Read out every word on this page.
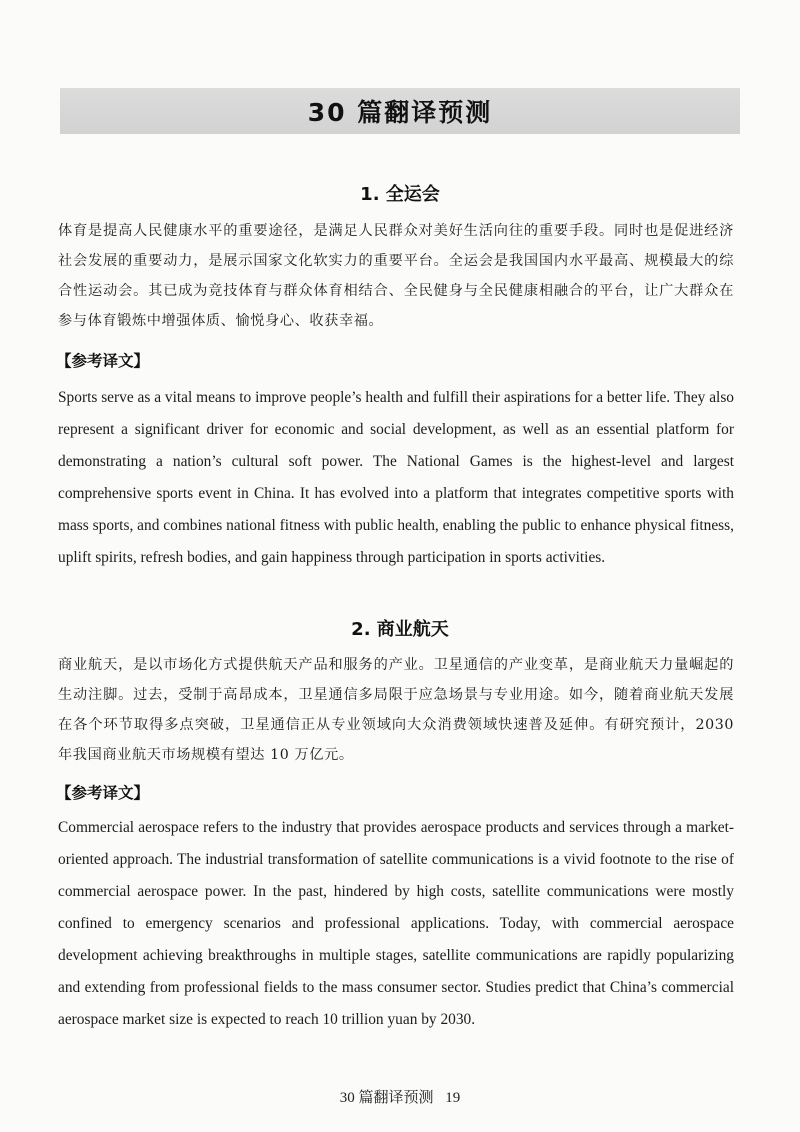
30 篇翻译预测
1. 全运会

体育是提高人民健康水平的重要途径，是满足人民群众对美好生活向往的重要手段。同时也是促进经济社会发展的重要动力，是展示国家文化软实力的重要平台。全运会是我国国内水平最高、规模最大的综合性运动会。其已成为竞技体育与群众体育相结合、全民健身与全民健康相融合的平台，让广大群众在参与体育锻炼中增强体质、愉悦身心、收获幸福。

【参考译文】

Sports serve as a vital means to improve people’s health and fulfill their aspirations for a better life. They also represent a significant driver for economic and social development, as well as an essential platform for demonstrating a nation’s cultural soft power. The National Games is the highest-level and largest comprehensive sports event in China. It has evolved into a platform that integrates competitive sports with mass sports, and combines national fitness with public health, enabling the public to enhance physical fitness, uplift spirits, refresh bodies, and gain happiness through participation in sports activities.

2. 商业航天

商业航天，是以市场化方式提供航天产品和服务的产业。卫星通信的产业变革，是商业航天力量崛起的生动注脚。过去，受制于高昂成本，卫星通信多局限于应急场景与专业用途。如今，随着商业航天发展在各个环节取得多点突破，卫星通信正从专业领域向大众消费领域快速普及延伸。有研究预计，2030 年我国商业航天市场规模有望达 10 万亿元。

【参考译文】

Commercial aerospace refers to the industry that provides aerospace products and services through a market-oriented approach. The industrial transformation of satellite communications is a vivid footnote to the rise of commercial aerospace power. In the past, hindered by high costs, satellite communications were mostly confined to emergency scenarios and professional applications. Today, with commercial aerospace development achieving breakthroughs in multiple stages, satellite communications are rapidly popularizing and extending from professional fields to the mass consumer sector. Studies predict that China’s commercial aerospace market size is expected to reach 10 trillion yuan by 2030.

30 篇翻译预测 19
